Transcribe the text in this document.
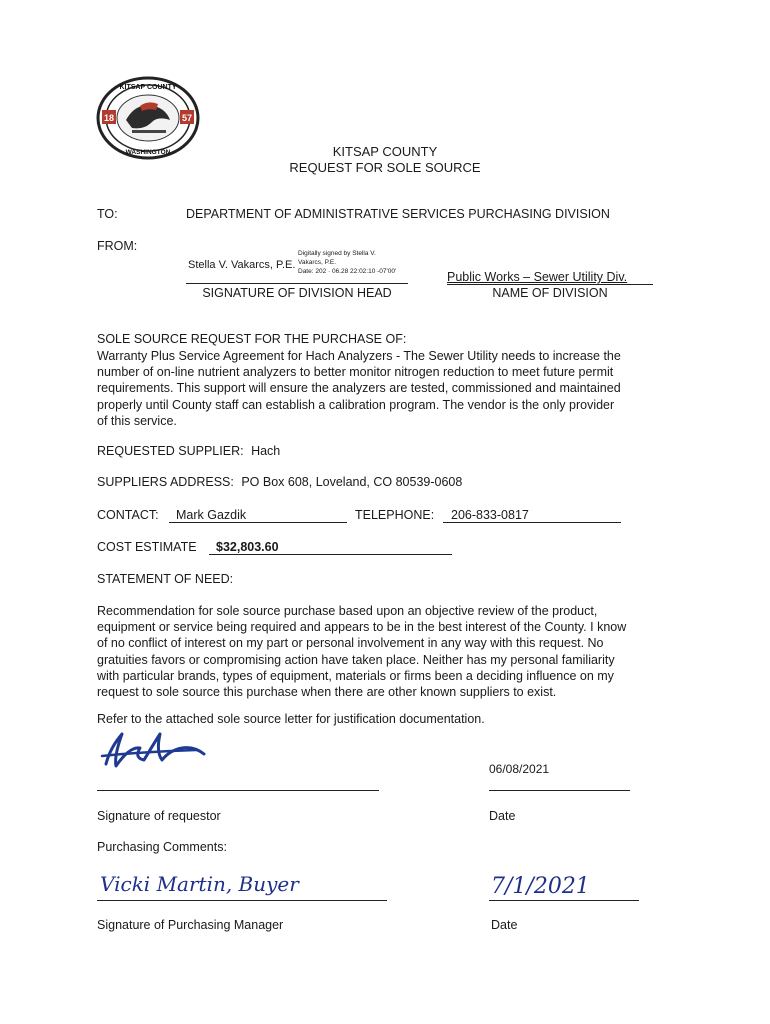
18	57
KITSAP COUNTY
WASHINGTON	KITSAP COUNTY
REQUEST FOR SOLE SOURCE
TO:	DEPARTMENT OF ADMINISTRATIVE SERVICES PURCHASING DIVISION
FROM:
Stella V. Vakarcs, P.E.
Digitally signed by Stella V.
Vakarcs, P.E.
Date: 202 · 06.28 22:02:10 -07'00'
SIGNATURE OF DIVISION HEAD
Public Works – Sewer Utility Div.
NAME OF DIVISION
SOLE SOURCE REQUEST FOR THE PURCHASE OF:
Warranty Plus Service Agreement for Hach Analyzers - The Sewer Utility needs to increase the
number of on-line nutrient analyzers to better monitor nitrogen reduction to meet future permit
requirements. This support will ensure the analyzers are tested, commissioned and maintained
properly until County staff can establish a calibration program. The vendor is the only provider
of this service.
REQUESTED SUPPLIER: Hach
SUPPLIERS ADDRESS: PO Box 608, Loveland, CO 80539-0608
CONTACT: Mark Gazdik	TELEPHONE: 206-833-0817
COST ESTIMATE $32,803.60
STATEMENT OF NEED:
Recommendation for sole source purchase based upon an objective review of the product,
equipment or service being required and appears to be in the best interest of the County. I know
of no conflict of interest on my part or personal involvement in any way with this request. No
gratuities favors or compromising action have taken place. Neither has my personal familiarity
with particular brands, types of equipment, materials or firms been a deciding influence on my
request to sole source this purchase when there are other known suppliers to exist.
Refer to the attached sole source letter for justification documentation.
06/08/2021
Signature of requestor	Date
Purchasing Comments:
Vicki Martin, Buyer	7/1/2021
Signature of Purchasing Manager	Date
